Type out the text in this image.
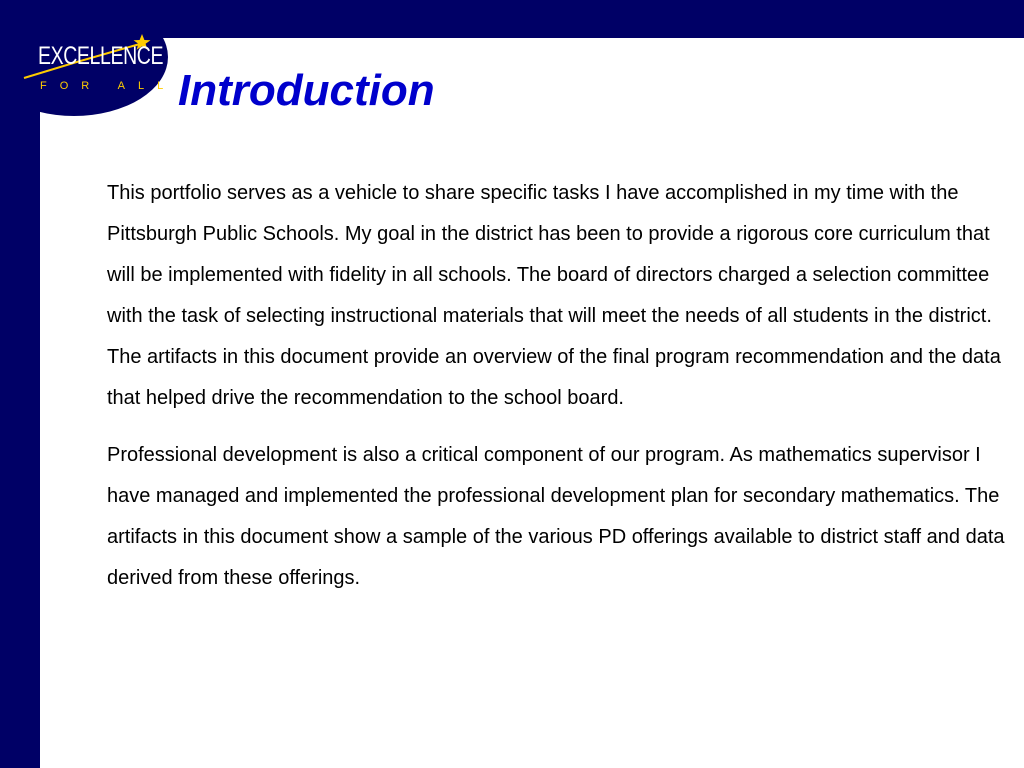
EXCELLENCE
FOR ALL Introduction

This portfolio serves as a vehicle to share specific tasks I have accomplished in my time with the Pittsburgh Public Schools. My goal in the district has been to provide a rigorous core curriculum that will be implemented with fidelity in all schools. The board of directors charged a selection committee with the task of selecting instructional materials that will meet the needs of all students in the district. The artifacts in this document provide an overview of the final program recommendation and the data that helped drive the recommendation to the school board.

Professional development is also a critical component of our program. As mathematics supervisor I have managed and implemented the professional development plan for secondary mathematics. The artifacts in this document show a sample of the various PD offerings available to district staff and data derived from these offerings.
